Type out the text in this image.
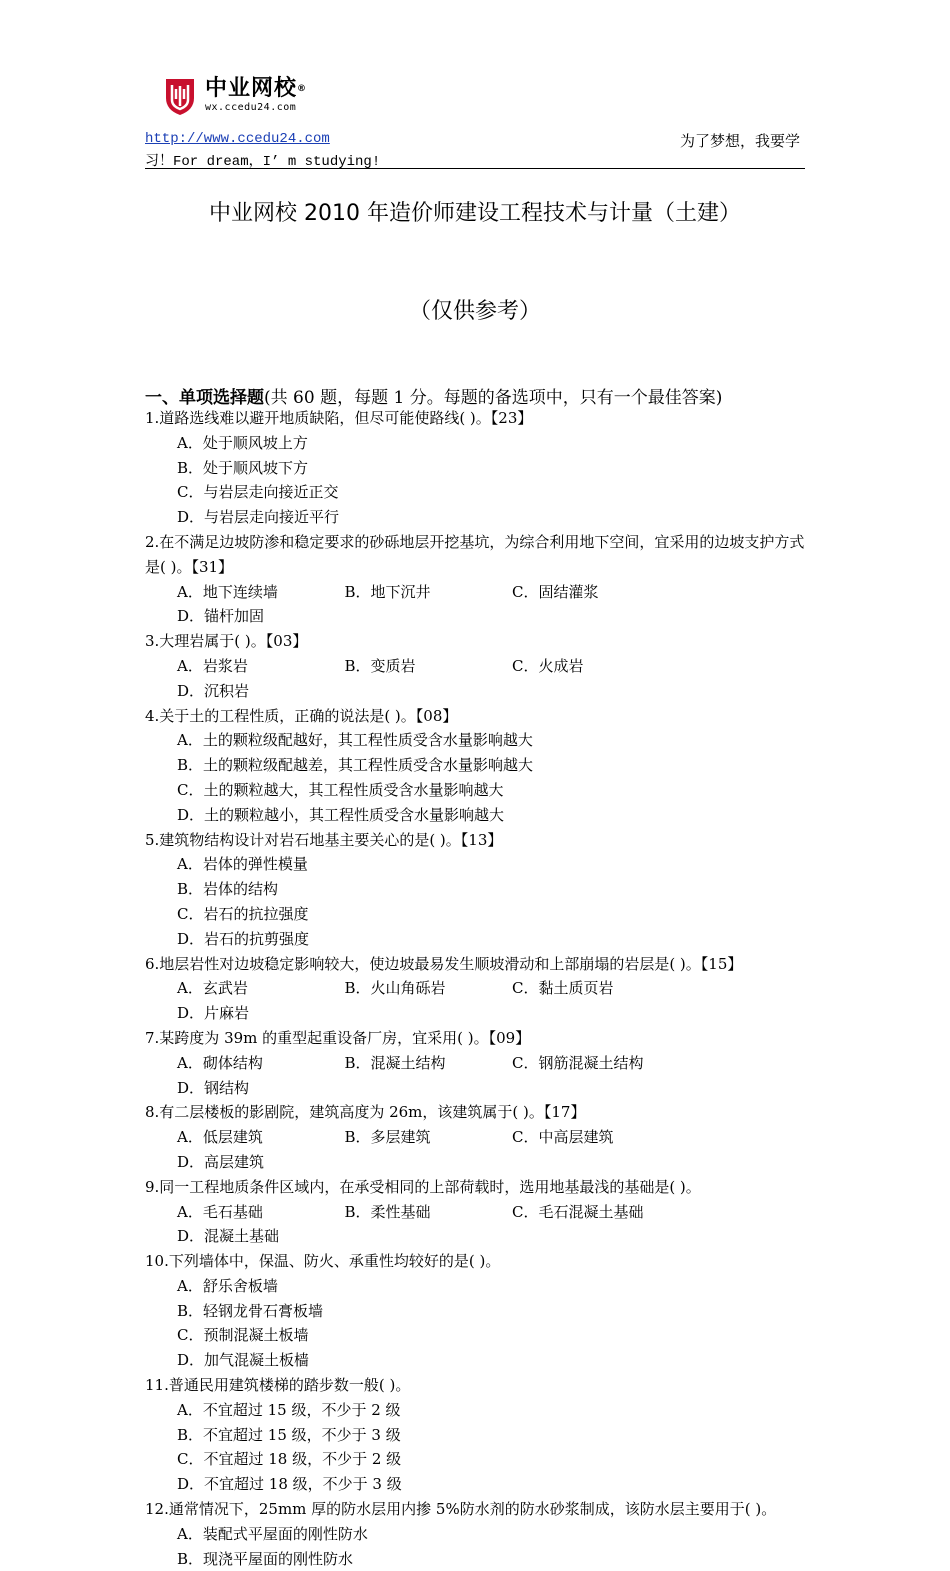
中业网校®
wx.ccedu24.com
http://www.ccedu24.com	为了梦想，我要学
习！For dream，I’ m studying!
中业网校 2010 年造价师建设工程技术与计量（土建）
（仅供参考）
一、单项选择题(共 60 题，每题 1 分。每题的备选项中，只有一个最佳答案)
1.道路选线难以避开地质缺陷，但尽可能使路线( )。【23】
A．处于顺风坡上方
B．处于顺风坡下方
C．与岩层走向接近正交
D．与岩层走向接近平行
2.在不满足边坡防渗和稳定要求的砂砾地层开挖基坑，为综合利用地下空间，宜采用的边坡支护方式是( )。【31】
A．地下连续墙	B．地下沉井	C．固结灌浆
D．锚杆加固
3.大理岩属于( )。【03】
A．岩浆岩	B．变质岩	C．火成岩
D．沉积岩
4.关于土的工程性质，正确的说法是( )。【08】
A．土的颗粒级配越好，其工程性质受含水量影响越大
B．土的颗粒级配越差，其工程性质受含水量影响越大
C．土的颗粒越大，其工程性质受含水量影响越大
D．土的颗粒越小，其工程性质受含水量影响越大
5.建筑物结构设计对岩石地基主要关心的是( )。【13】
A．岩体的弹性模量
B．岩体的结构
C．岩石的抗拉强度
D．岩石的抗剪强度
6.地层岩性对边坡稳定影响较大，使边坡最易发生顺坡滑动和上部崩塌的岩层是( )。【15】
A．玄武岩	B．火山角砾岩	C．黏土质页岩
D．片麻岩
7.某跨度为 39m 的重型起重设备厂房，宜采用( )。【09】
A．砌体结构	B．混凝土结构	C．钢筋混凝土结构
D．钢结构
8.有二层楼板的影剧院，建筑高度为 26m，该建筑属于( )。【17】
A．低层建筑	B．多层建筑	C．中高层建筑
D．高层建筑
9.同一工程地质条件区域内，在承受相同的上部荷载时，选用地基最浅的基础是( )。
A．毛石基础	B．柔性基础	C．毛石混凝土基础
D．混凝土基础
10.下列墙体中，保温、防火、承重性均较好的是( )。
A．舒乐舍板墙
B．轻钢龙骨石膏板墙
C．预制混凝土板墙
D．加气混凝土板樯
11.普通民用建筑楼梯的踏步数一般( )。
A．不宜超过 15 级，不少于 2 级
B．不宜超过 15 级，不少于 3 级
C．不宜超过 18 级，不少于 2 级
D．不宜超过 18 级，不少于 3 级
12.通常情况下，25mm 厚的防水层用内掺 5%防水剂的防水砂浆制成，该防水层主要用于( )。
A．装配式平屋面的刚性防水
B．现浇平屋面的刚性防水
